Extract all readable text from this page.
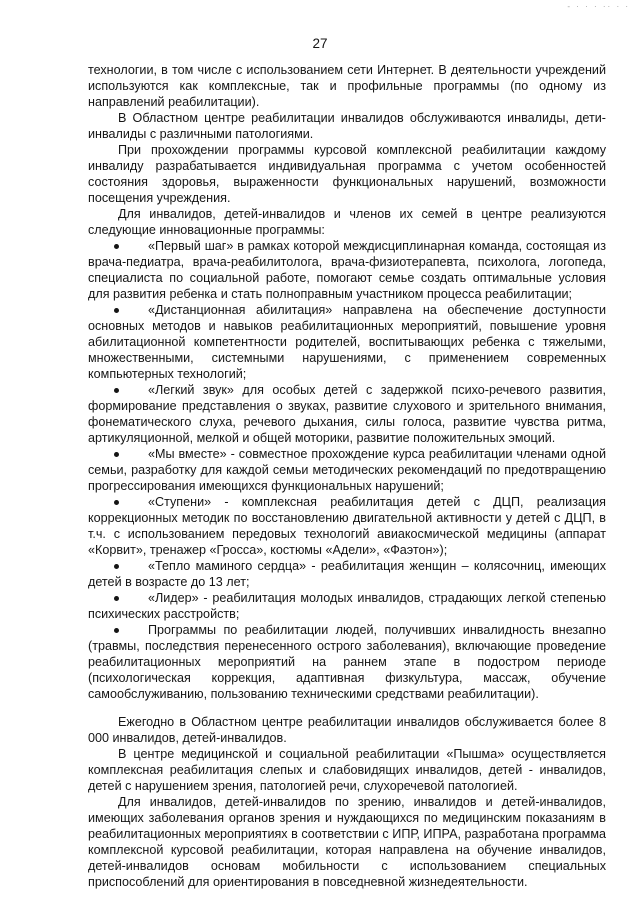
- · · · ·· · ·
27

технологии, в том числе с использованием сети Интернет. В деятельности учреждений используются как комплексные, так и профильные программы (по одному из направлений реабилитации).

В Областном центре реабилитации инвалидов обслуживаются инвалиды, дети-инвалиды с различными патологиями.

При прохождении программы курсовой комплексной реабилитации каждому инвалиду разрабатывается индивидуальная программа с учетом особенностей состояния здоровья, выраженности функциональных нарушений, возможности посещения учреждения.

Для инвалидов, детей-инвалидов и членов их семей в центре реализуются следующие инновационные программы:

«Первый шаг» в рамках которой междисциплинарная команда, состоящая из врача-педиатра, врача-реабилитолога, врача-физиотерапевта, психолога, логопеда, специалиста по социальной работе, помогают семье создать оптимальные условия для развития ребенка и стать полноправным участником процесса реабилитации;
«Дистанционная абилитация» направлена на обеспечение доступности основных методов и навыков реабилитационных мероприятий, повышение уровня абилитационной компетентности родителей, воспитывающих ребенка с тяжелыми, множественными, системными нарушениями, с применением современных компьютерных технологий;
«Легкий звук» для особых детей с задержкой психо-речевого развития, формирование представления о звуках, развитие слухового и зрительного внимания, фонематического слуха, речевого дыхания, силы голоса, развитие чувства ритма, артикуляционной, мелкой и общей моторики, развитие положительных эмоций.
«Мы вместе» - совместное прохождение курса реабилитации членами одной семьи, разработку для каждой семьи методических рекомендаций по предотвращению прогрессирования имеющихся функциональных нарушений;
«Ступени» - комплексная реабилитация детей с ДЦП, реализация коррекционных методик по восстановлению двигательной активности у детей с ДЦП, в т.ч. с использованием передовых технологий авиакосмической медицины (аппарат «Корвит», тренажер «Гросса», костюмы «Адели», «Фаэтон»);
«Тепло маминого сердца» - реабилитация женщин – колясочниц, имеющих детей в возрасте до 13 лет;
«Лидер» - реабилитация молодых инвалидов, страдающих легкой степенью психических расстройств;
Программы по реабилитации людей, получивших инвалидность внезапно (травмы, последствия перенесенного острого заболевания), включающие проведение реабилитационных мероприятий на раннем этапе в подостром периоде (психологическая коррекция, адаптивная физкультура, массаж, обучение самообслуживанию, пользованию техническими средствами реабилитации).

Ежегодно в Областном центре реабилитации инвалидов обслуживается более 8 000 инвалидов, детей-инвалидов.

В центре медицинской и социальной реабилитации «Пышма» осуществляется комплексная реабилитация слепых и слабовидящих инвалидов, детей - инвалидов, детей с нарушением зрения, патологией речи, слухоречевой патологией.

Для инвалидов, детей-инвалидов по зрению, инвалидов и детей-инвалидов, имеющих заболевания органов зрения и нуждающихся по медицинским показаниям в реабилитационных мероприятиях в соответствии с ИПР, ИПРА, разработана программа комплексной курсовой реабилитации, которая направлена на обучение инвалидов, детей-инвалидов основам мобильности с использованием специальных приспособлений для ориентирования в повседневной жизнедеятельности.
